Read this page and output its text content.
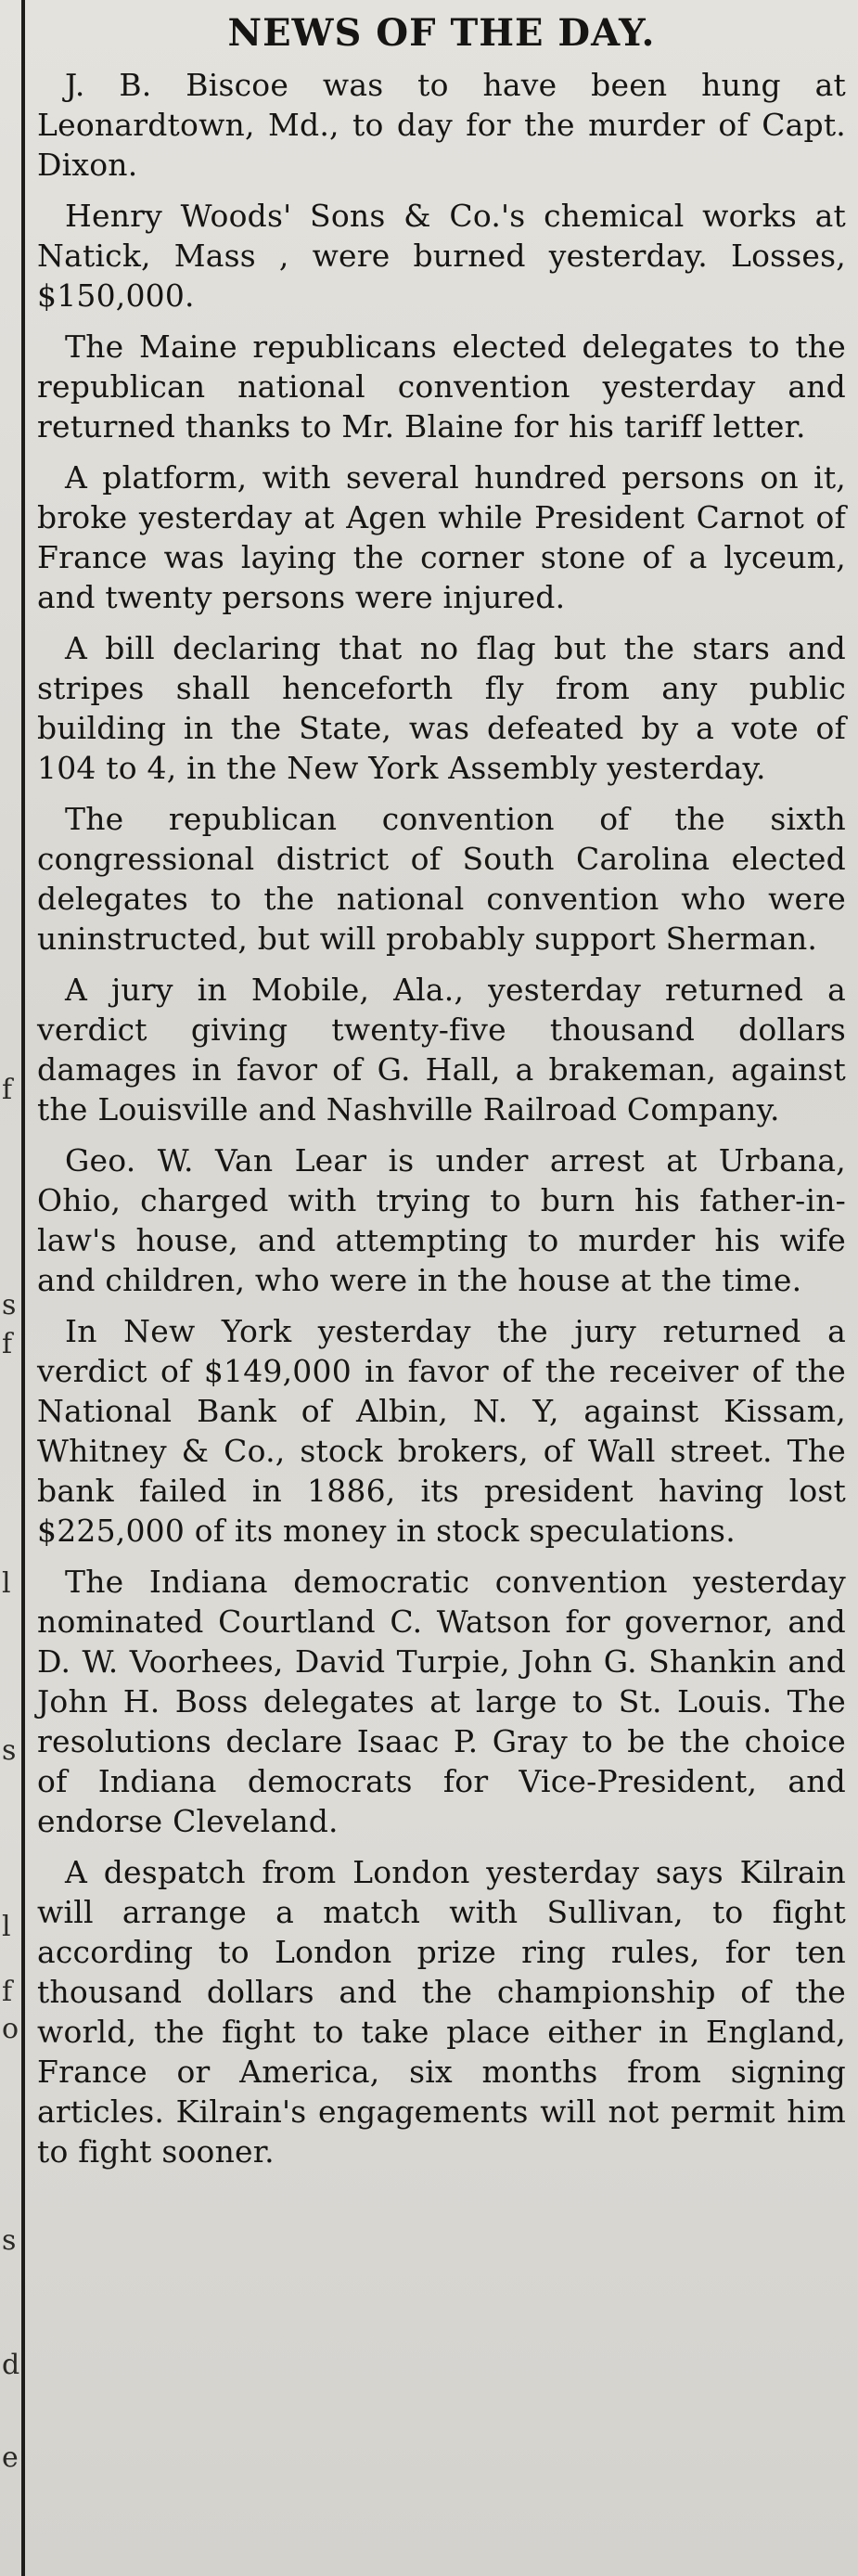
f
s
f
l
s
l
f
o
s
d
e
NEWS OF THE DAY.

J. B. Biscoe was to have been hung at Leonardtown, Md., to day for the murder of Capt. Dixon.

Henry Woods' Sons & Co.'s chemical works at Natick, Mass , were burned yesterday. Losses, $150,000.

The Maine republicans elected delegates to the republican national convention yesterday and returned thanks to Mr. Blaine for his tariff letter.

A platform, with several hundred persons on it, broke yesterday at Agen while President Carnot of France was laying the corner stone of a lyceum, and twenty persons were injured.

A bill declaring that no flag but the stars and stripes shall henceforth fly from any public building in the State, was defeated by a vote of 104 to 4, in the New York Assembly yesterday.

The republican convention of the sixth congressional district of South Carolina elected delegates to the national convention who were uninstructed, but will probably support Sherman.

A jury in Mobile, Ala., yesterday returned a verdict giving twenty-five thousand dollars damages in favor of G. Hall, a brakeman, against the Louisville and Nashville Railroad Company.

Geo. W. Van Lear is under arrest at Urbana, Ohio, charged with trying to burn his father-in-law's house, and attempting to murder his wife and children, who were in the house at the time.

In New York yesterday the jury returned a verdict of $149,000 in favor of the receiver of the National Bank of Albin, N. Y, against Kissam, Whitney & Co., stock brokers, of Wall street. The bank failed in 1886, its president having lost $225,000 of its money in stock speculations.

The Indiana democratic convention yesterday nominated Courtland C. Watson for governor, and D. W. Voorhees, David Turpie, John G. Shankin and John H. Boss delegates at large to St. Louis. The resolutions declare Isaac P. Gray to be the choice of Indiana democrats for Vice-President, and endorse Cleveland.

A despatch from London yesterday says Kilrain will arrange a match with Sullivan, to fight according to London prize ring rules, for ten thousand dollars and the championship of the world, the fight to take place either in England, France or America, six months from signing articles. Kilrain's engagements will not permit him to fight sooner.
